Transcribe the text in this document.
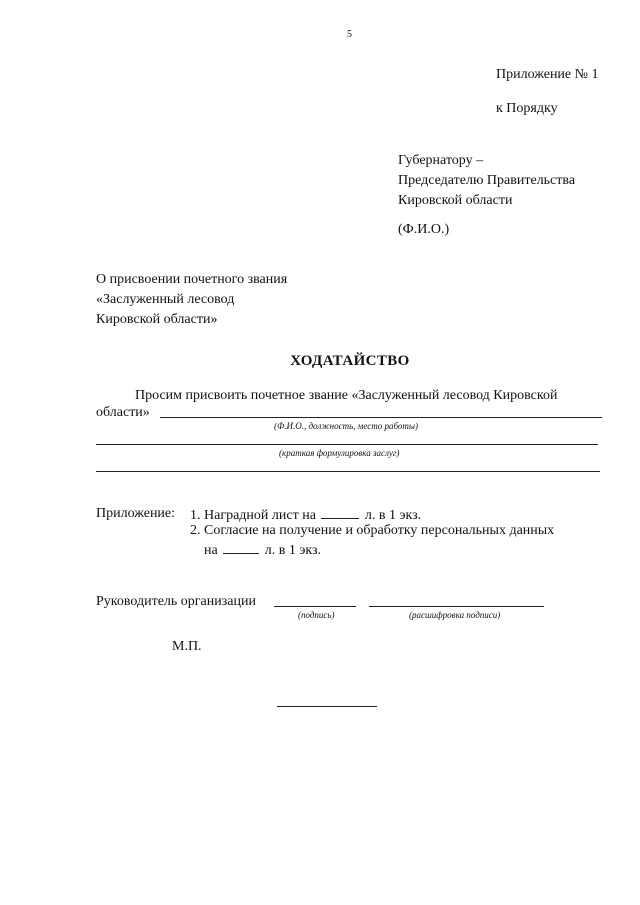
5
Приложение № 1
к Порядку
Губернатору –
Председателю Правительства
Кировской области
(Ф.И.О.)
О присвоении почетного звания
«Заслуженный лесовод
Кировской области»
ХОДАТАЙСТВО
Просим присвоить почетное звание «Заслуженный лесовод Кировской
области»
(Ф.И.О., должность, место работы)
(краткая формулировка заслуг)
Приложение: 1. Наградной лист на	л. в 1 экз.
2. Согласие на получение и обработку персональных данных
на	л. в 1 экз.
Руководитель организации
(подпись)	(расшифровка подписи)
М.П.
